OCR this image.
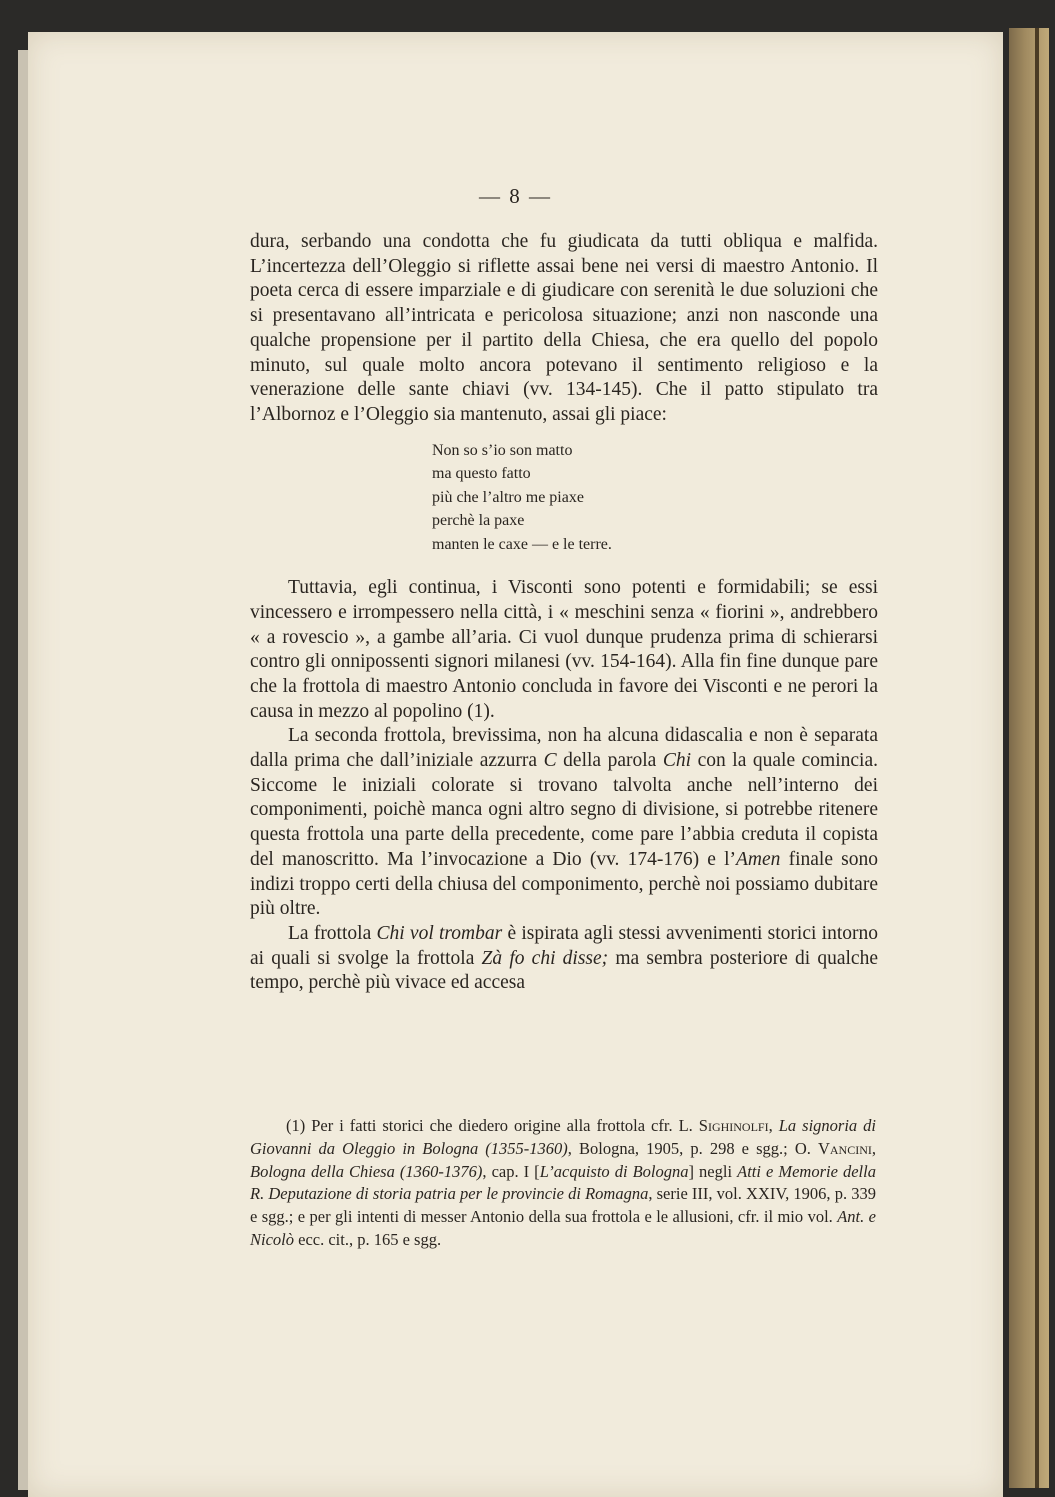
— 8 —

dura, serbando una condotta che fu giudicata da tutti obliqua e malfida. L’incertezza dell’Oleggio si riflette assai bene nei versi di maestro Antonio. Il poeta cerca di essere imparziale e di giudicare con serenità le due soluzioni che si presentavano all’intricata e pericolosa situazione; anzi non nasconde una qualche propensione per il partito della Chiesa, che era quello del popolo minuto, sul quale molto ancora potevano il sentimento religioso e la venerazione delle sante chiavi (vv. 134-145). Che il patto stipulato tra l’Albornoz e l’Oleggio sia mantenuto, assai gli piace:

Non so s’io son matto
ma questo fatto
più che l’altro me piaxe
perchè la paxe
manten le caxe — e le terre.

Tuttavia, egli continua, i Visconti sono potenti e formidabili; se essi vincessero e irrompessero nella città, i « meschini senza « fiorini », andrebbero « a rovescio », a gambe all’aria. Ci vuol dunque prudenza prima di schierarsi contro gli onnipossenti signori milanesi (vv. 154-164). Alla fin fine dunque pare che la frottola di maestro Antonio concluda in favore dei Visconti e ne perori la causa in mezzo al popolino (1).

La seconda frottola, brevissima, non ha alcuna didascalia e non è separata dalla prima che dall’iniziale azzurra C della parola Chi con la quale comincia. Siccome le iniziali colorate si trovano talvolta anche nell’interno dei componimenti, poichè manca ogni altro segno di divisione, si potrebbe ritenere questa frottola una parte della precedente, come pare l’abbia creduta il copista del manoscritto. Ma l’invocazione a Dio (vv. 174-176) e l’Amen finale sono indizi troppo certi della chiusa del componimento, perchè noi possiamo dubitare più oltre.

La frottola Chi vol trombar è ispirata agli stessi avvenimenti storici intorno ai quali si svolge la frottola Zà fo chi disse; ma sembra posteriore di qualche tempo, perchè più vivace ed accesa

(1) Per i fatti storici che diedero origine alla frottola cfr. L. Sighinolfi, La signoria di Giovanni da Oleggio in Bologna (1355-1360), Bologna, 1905, p. 298 e sgg.; O. Vancini, Bologna della Chiesa (1360-1376), cap. I [L’acquisto di Bologna] negli Atti e Memorie della R. Deputazione di storia patria per le provincie di Romagna, serie III, vol. XXIV, 1906, p. 339 e sgg.; e per gli intenti di messer Antonio della sua frottola e le allusioni, cfr. il mio vol. Ant. e Nicolò ecc. cit., p. 165 e sgg.
